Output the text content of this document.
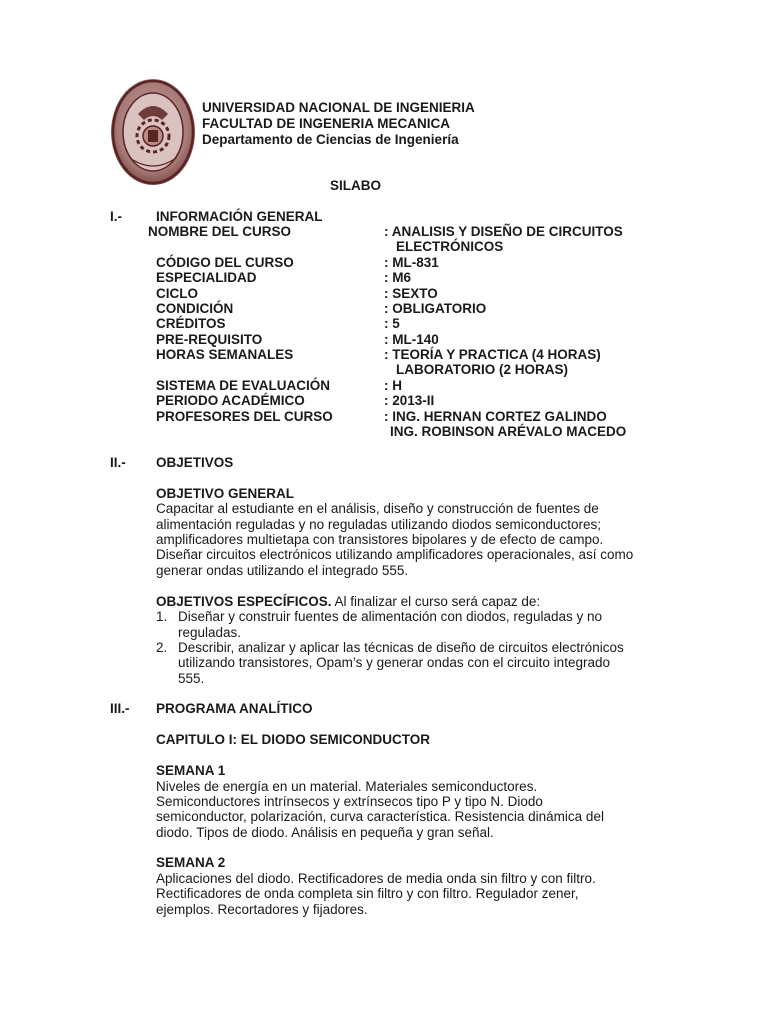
UNIVERSIDAD NACIONAL DE INGENIERIA
FACULTAD DE INGENERIA MECANICA
Departamento de Ciencias de Ingeniería
SILABO
I.-	INFORMACIÓN GENERAL
NOMBRE DEL CURSO	: ANALISIS Y DISEÑO DE CIRCUITOS
ELECTRÓNICOS
CÓDIGO DEL CURSO	: ML-831
ESPECIALIDAD	: M6
CICLO	: SEXTO
CONDICIÓN	: OBLIGATORIO
CRÉDITOS	: 5
PRE-REQUISITO	: ML-140
HORAS SEMANALES	: TEORÍA Y PRACTICA (4 HORAS)
LABORATORIO (2 HORAS)
SISTEMA DE EVALUACIÓN	: H
PERIODO ACADÉMICO	: 2013-II
PROFESORES DEL CURSO	: ING. HERNAN CORTEZ GALINDO
ING. ROBINSON ARÉVALO MACEDO
II.- OBJETIVOS
OBJETIVO GENERAL
Capacitar al estudiante en el análisis, diseño y construcción de fuentes de
alimentación reguladas y no reguladas utilizando diodos semiconductores;
amplificadores multietapa con transistores bipolares y de efecto de campo.
Diseñar circuitos electrónicos utilizando amplificadores operacionales, así como
generar ondas utilizando el integrado 555.
OBJETIVOS ESPECÍFICOS. Al finalizar el curso será capaz de:
1. Diseñar y construir fuentes de alimentación con diodos, reguladas y no
reguladas.
2. Describir, analizar y aplicar las técnicas de diseño de circuitos electrónicos
utilizando transistores, Opam’s y generar ondas con el circuito integrado
555.
III.- PROGRAMA ANALÍTICO
CAPITULO I: EL DIODO SEMICONDUCTOR
SEMANA 1
Niveles de energía en un material. Materiales semiconductores.
Semiconductores intrínsecos y extrínsecos tipo P y tipo N. Diodo
semiconductor, polarización, curva característica. Resistencia dinámica del
diodo. Tipos de diodo. Análisis en pequeña y gran señal.
SEMANA 2
Aplicaciones del diodo. Rectificadores de media onda sin filtro y con filtro.
Rectificadores de onda completa sin filtro y con filtro. Regulador zener,
ejemplos. Recortadores y fijadores.
